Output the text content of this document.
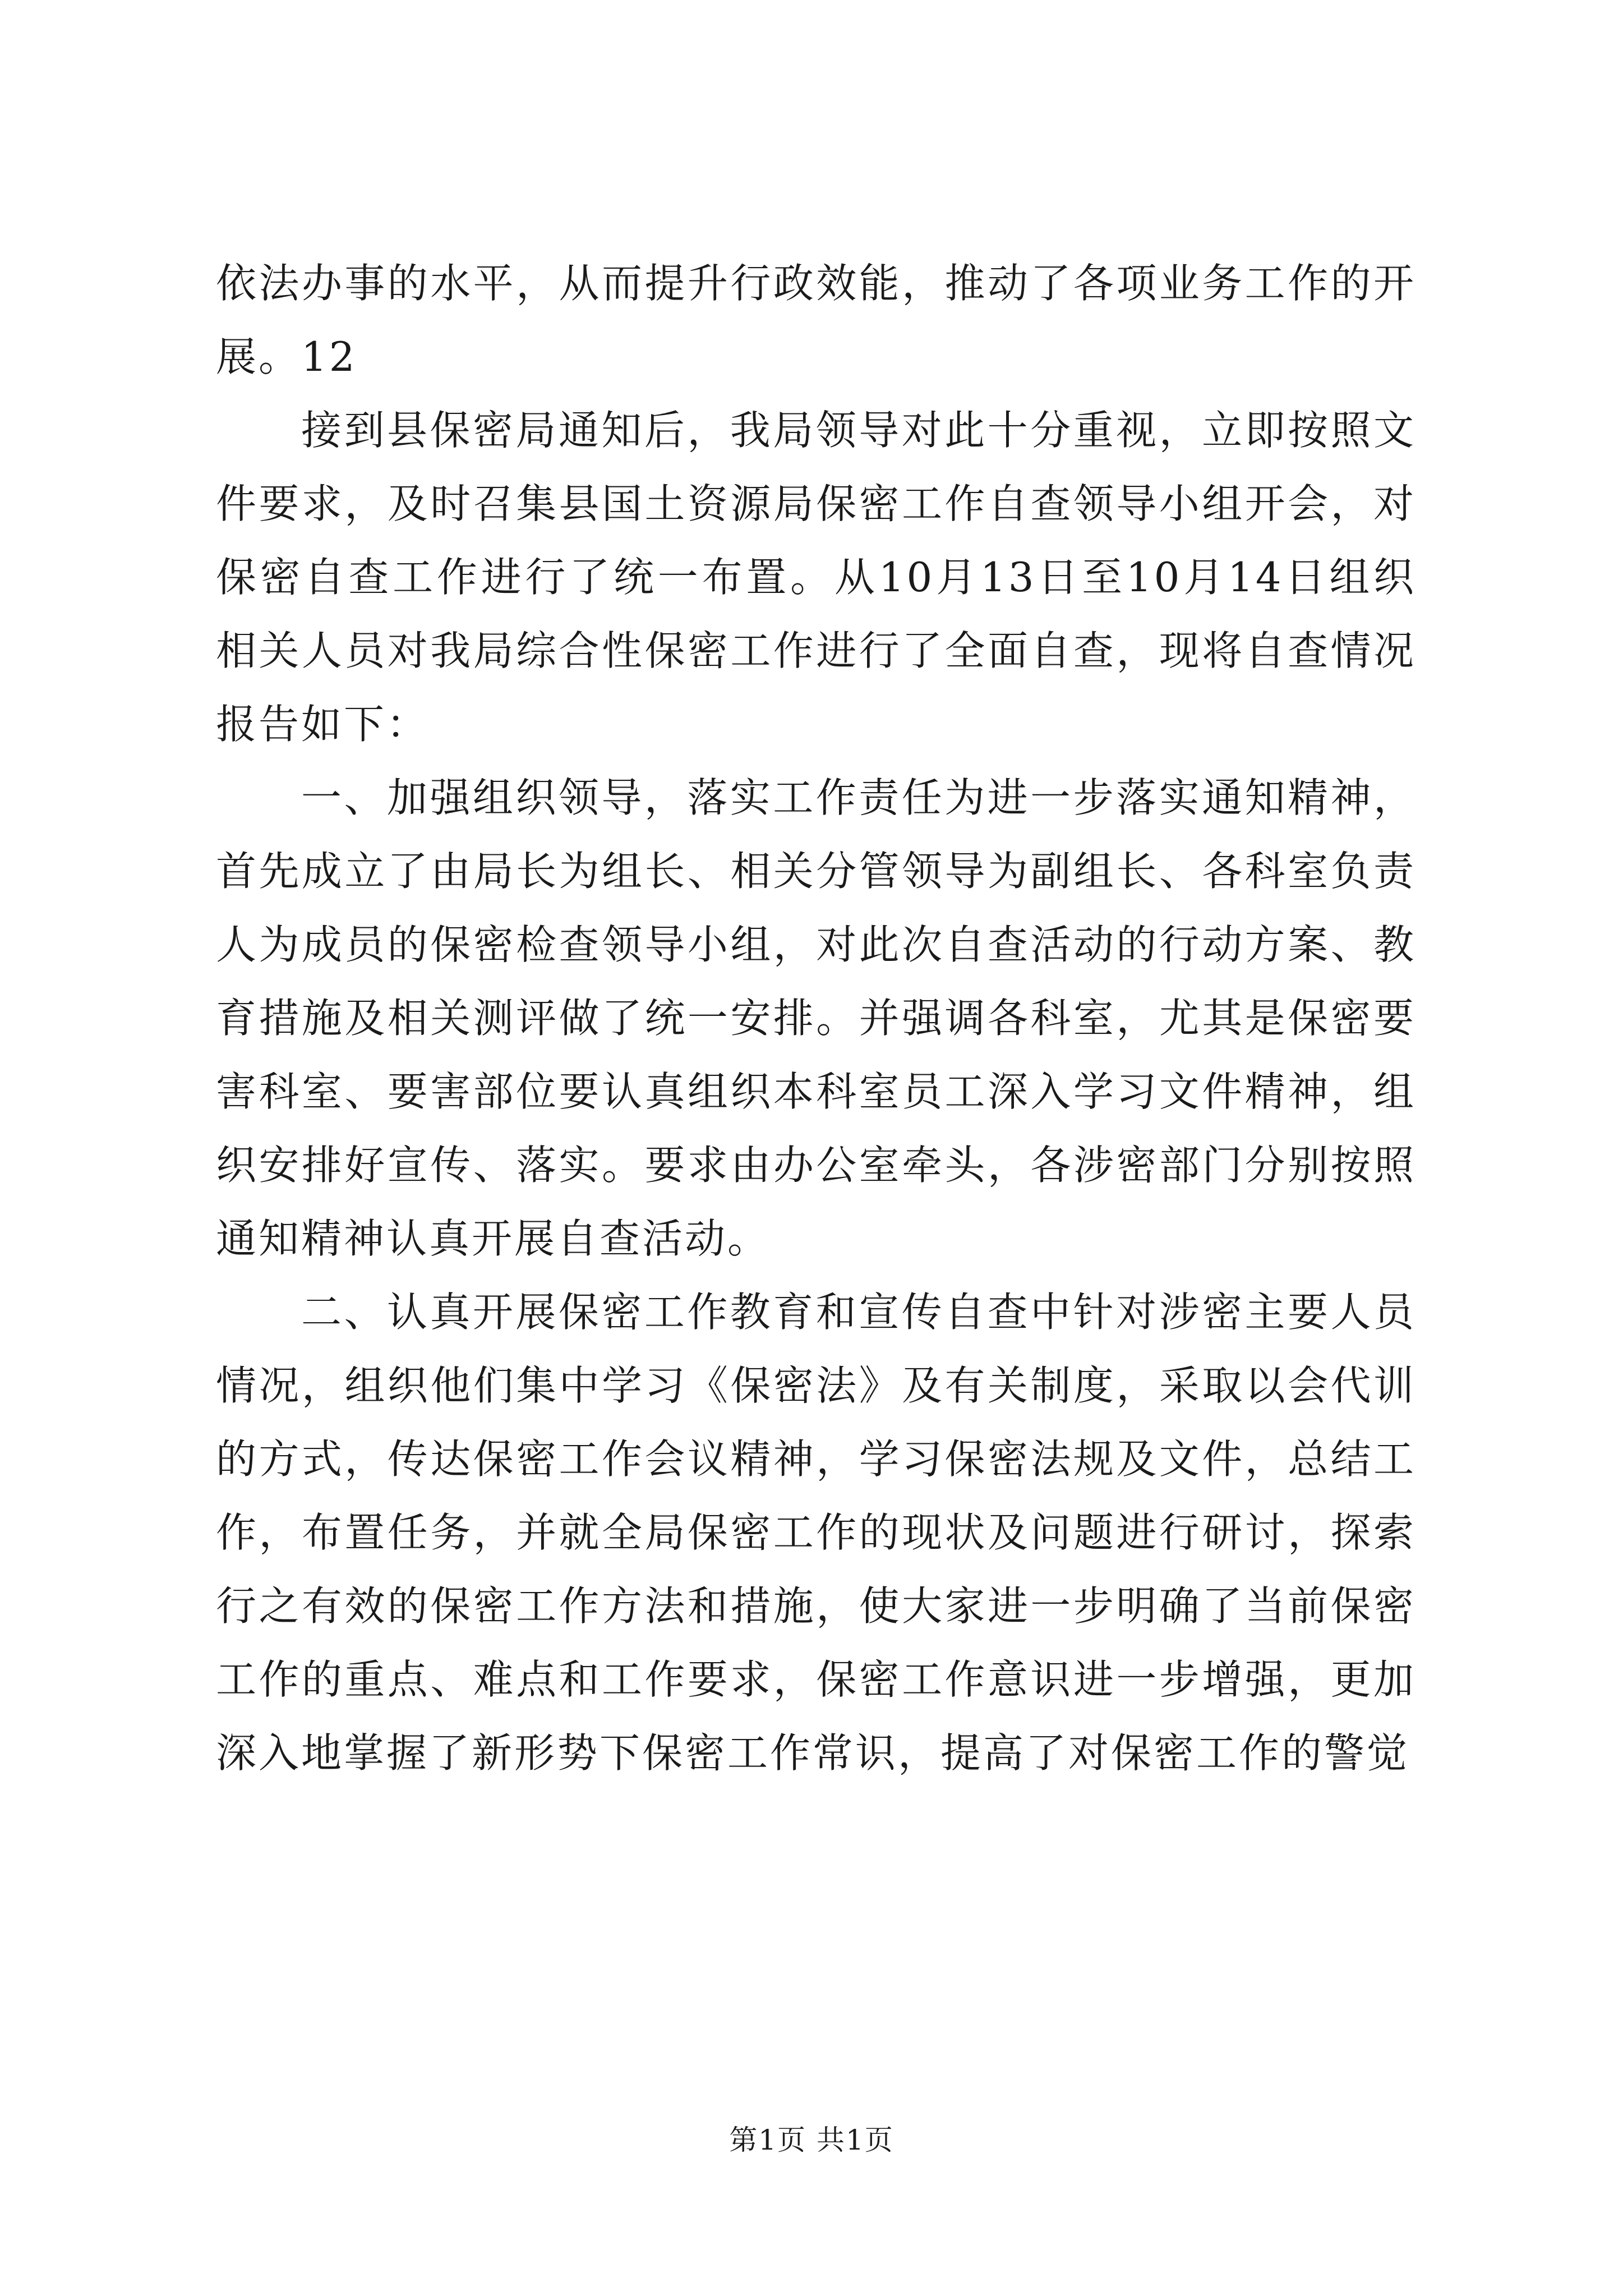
依法办事的水平，从而提升行政效能，推动了各项业务工作的开展。12

接到县保密局通知后，我局领导对此十分重视，立即按照文件要求，及时召集县国土资源局保密工作自查领导小组开会，对保密自查工作进行了统一布置。从10月13日至10月14日组织相关人员对我局综合性保密工作进行了全面自查，现将自查情况报告如下：

一、加强组织领导，落实工作责任为进一步落实通知精神，首先成立了由局长为组长、相关分管领导为副组长、各科室负责人为成员的保密检查领导小组，对此次自查活动的行动方案、教育措施及相关测评做了统一安排。并强调各科室，尤其是保密要害科室、要害部位要认真组织本科室员工深入学习文件精神，组织安排好宣传、落实。要求由办公室牵头，各涉密部门分别按照通知精神认真开展自查活动。

二、认真开展保密工作教育和宣传自查中针对涉密主要人员情况，组织他们集中学习《保密法》及有关制度，采取以会代训的方式，传达保密工作会议精神，学习保密法规及文件，总结工作，布置任务，并就全局保密工作的现状及问题进行研讨，探索行之有效的保密工作方法和措施，使大家进一步明确了当前保密工作的重点、难点和工作要求，保密工作意识进一步增强，更加深入地掌握了新形势下保密工作常识，提高了对保密工作的警觉

第1页 共1页
